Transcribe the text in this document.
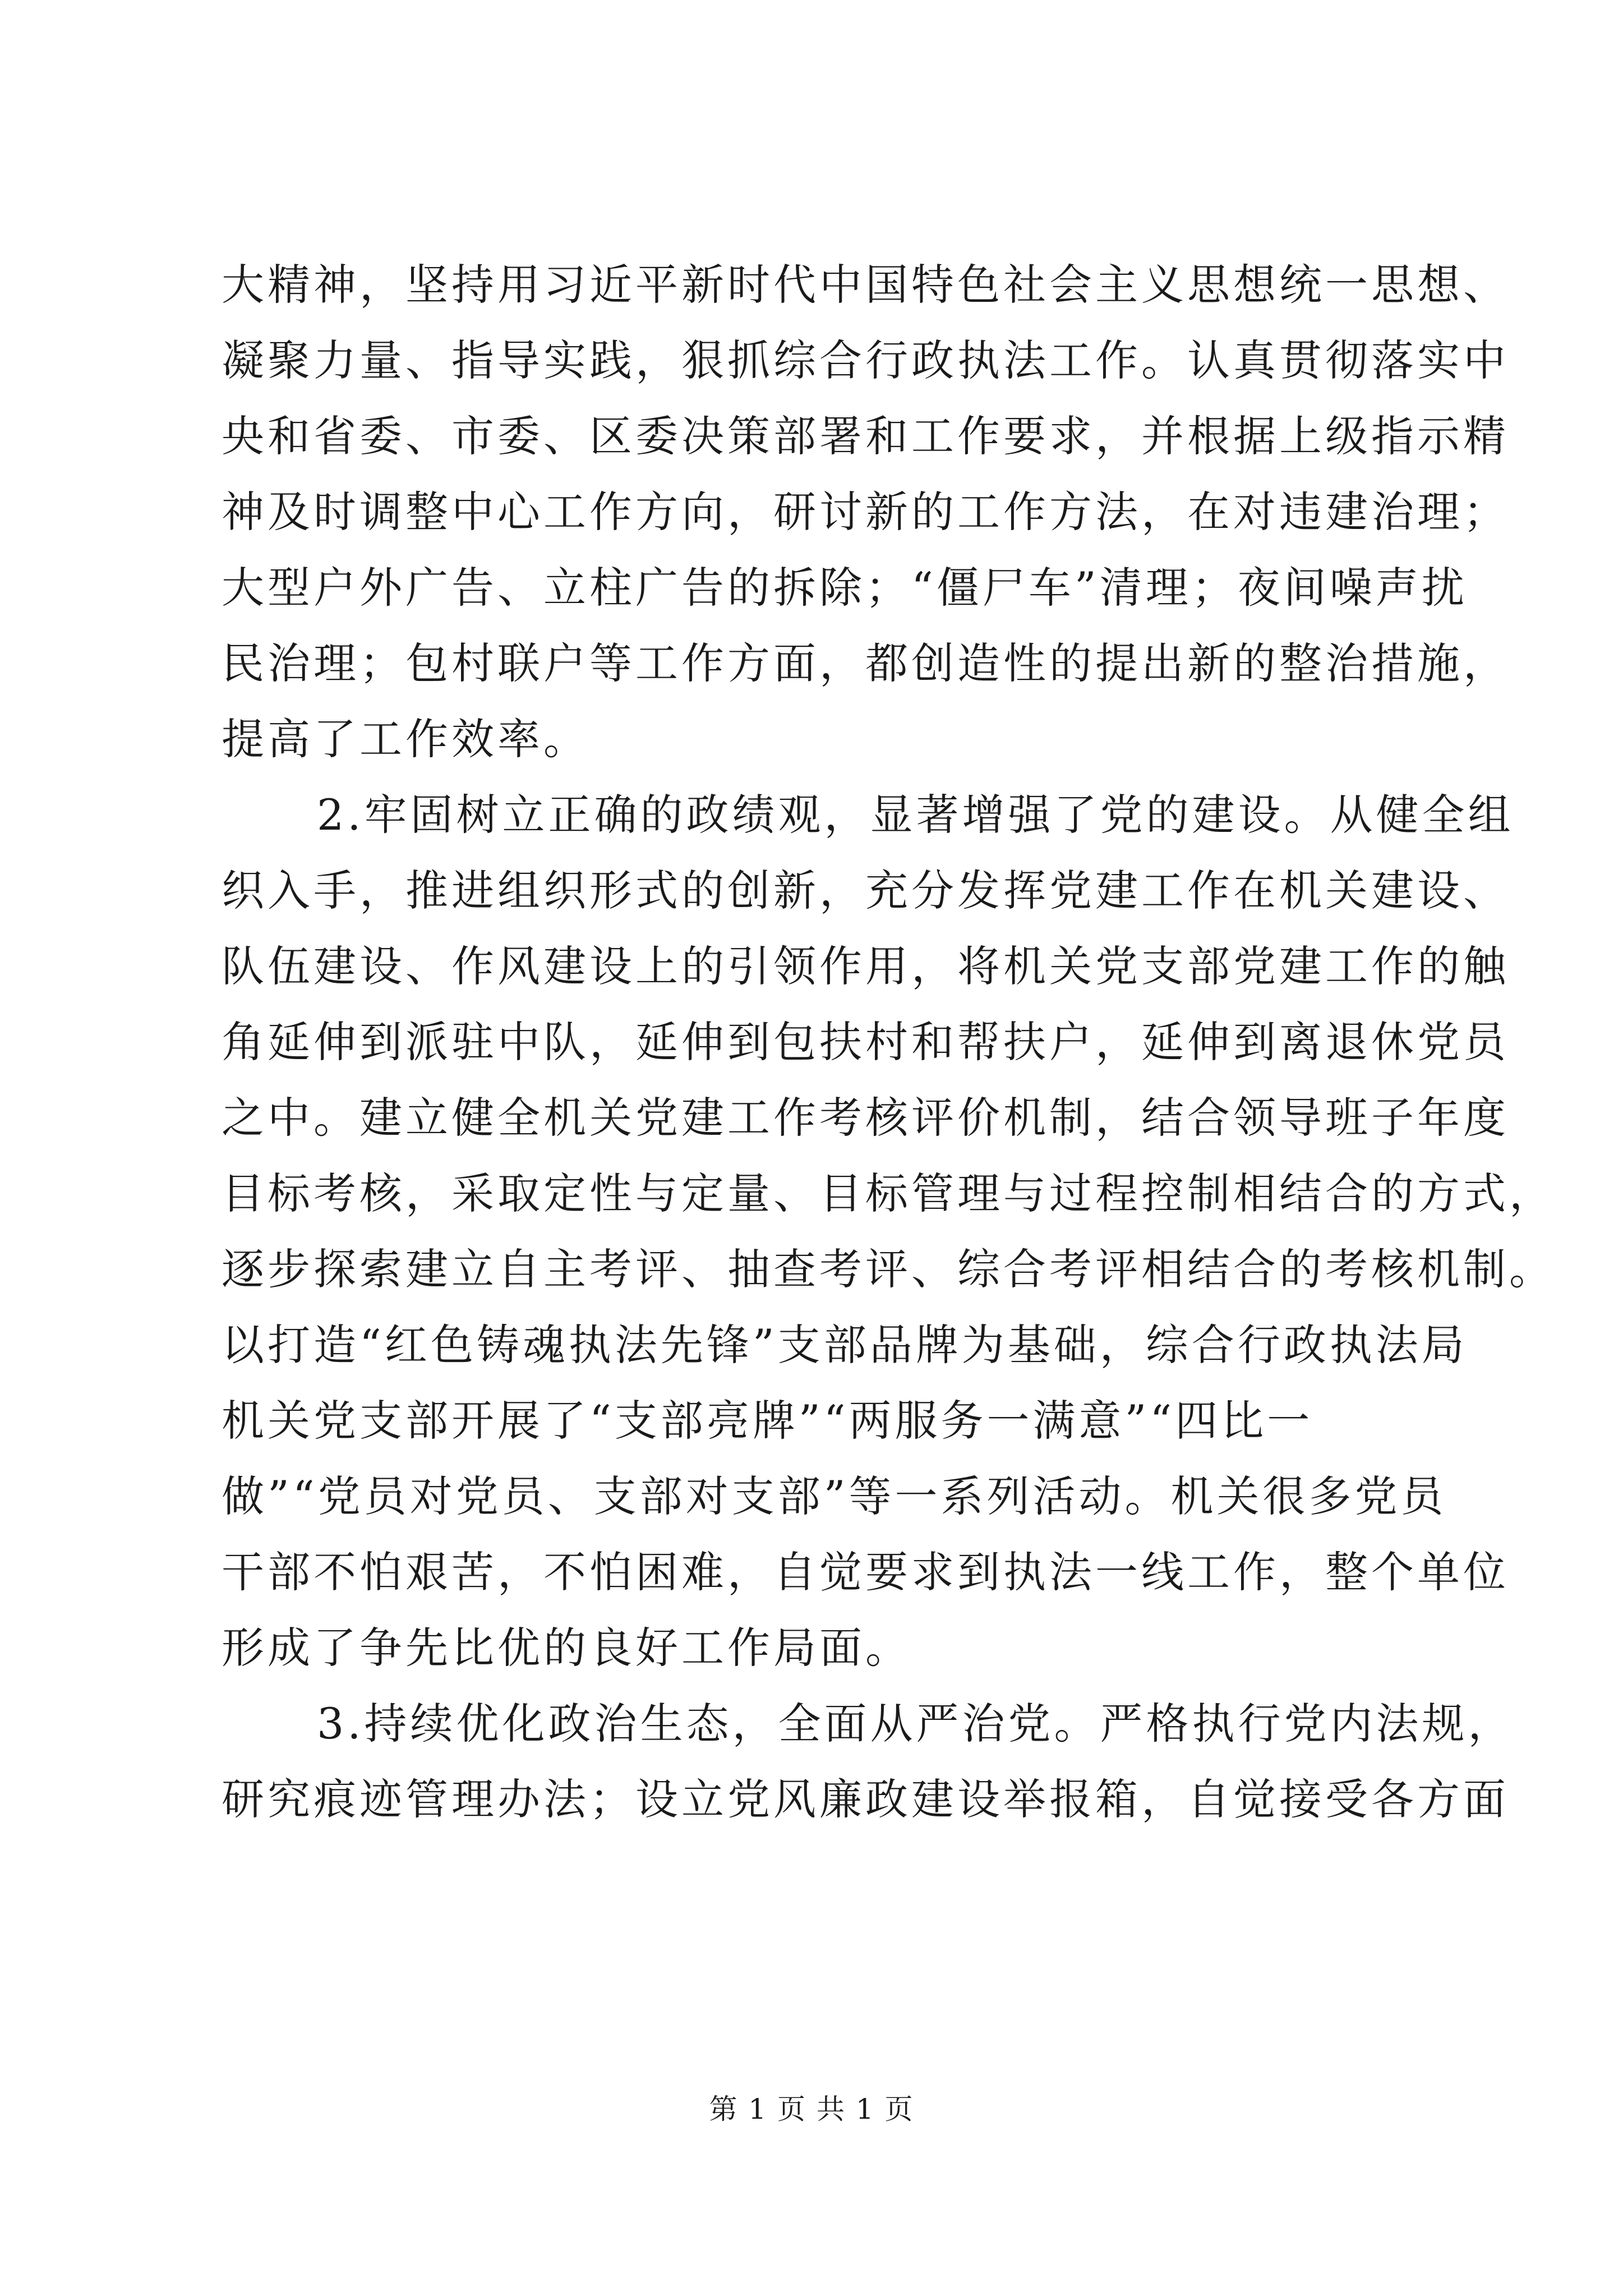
大精神，坚持用习近平新时代中国特色社会主义思想统一思想、
凝聚力量、指导实践，狠抓综合行政执法工作。认真贯彻落实中
央和省委、市委、区委决策部署和工作要求，并根据上级指示精
神及时调整中心工作方向，研讨新的工作方法，在对违建治理；
大型户外广告、立柱广告的拆除；“僵尸车”清理；夜间噪声扰
民治理；包村联户等工作方面，都创造性的提出新的整治措施，
提高了工作效率。
2.牢固树立正确的政绩观，显著增强了党的建设。从健全组
织入手，推进组织形式的创新，充分发挥党建工作在机关建设、
队伍建设、作风建设上的引领作用，将机关党支部党建工作的触
角延伸到派驻中队，延伸到包扶村和帮扶户，延伸到离退休党员
之中。建立健全机关党建工作考核评价机制，结合领导班子年度
目标考核，采取定性与定量、目标管理与过程控制相结合的方式，
逐步探索建立自主考评、抽查考评、综合考评相结合的考核机制。
以打造“红色铸魂执法先锋”支部品牌为基础，综合行政执法局
机关党支部开展了“支部亮牌”“两服务一满意”“四比一
做”“党员对党员、支部对支部”等一系列活动。机关很多党员
干部不怕艰苦，不怕困难，自觉要求到执法一线工作，整个单位
形成了争先比优的良好工作局面。
3.持续优化政治生态，全面从严治党。严格执行党内法规，
研究痕迹管理办法；设立党风廉政建设举报箱，自觉接受各方面
第 1 页 共 1 页
